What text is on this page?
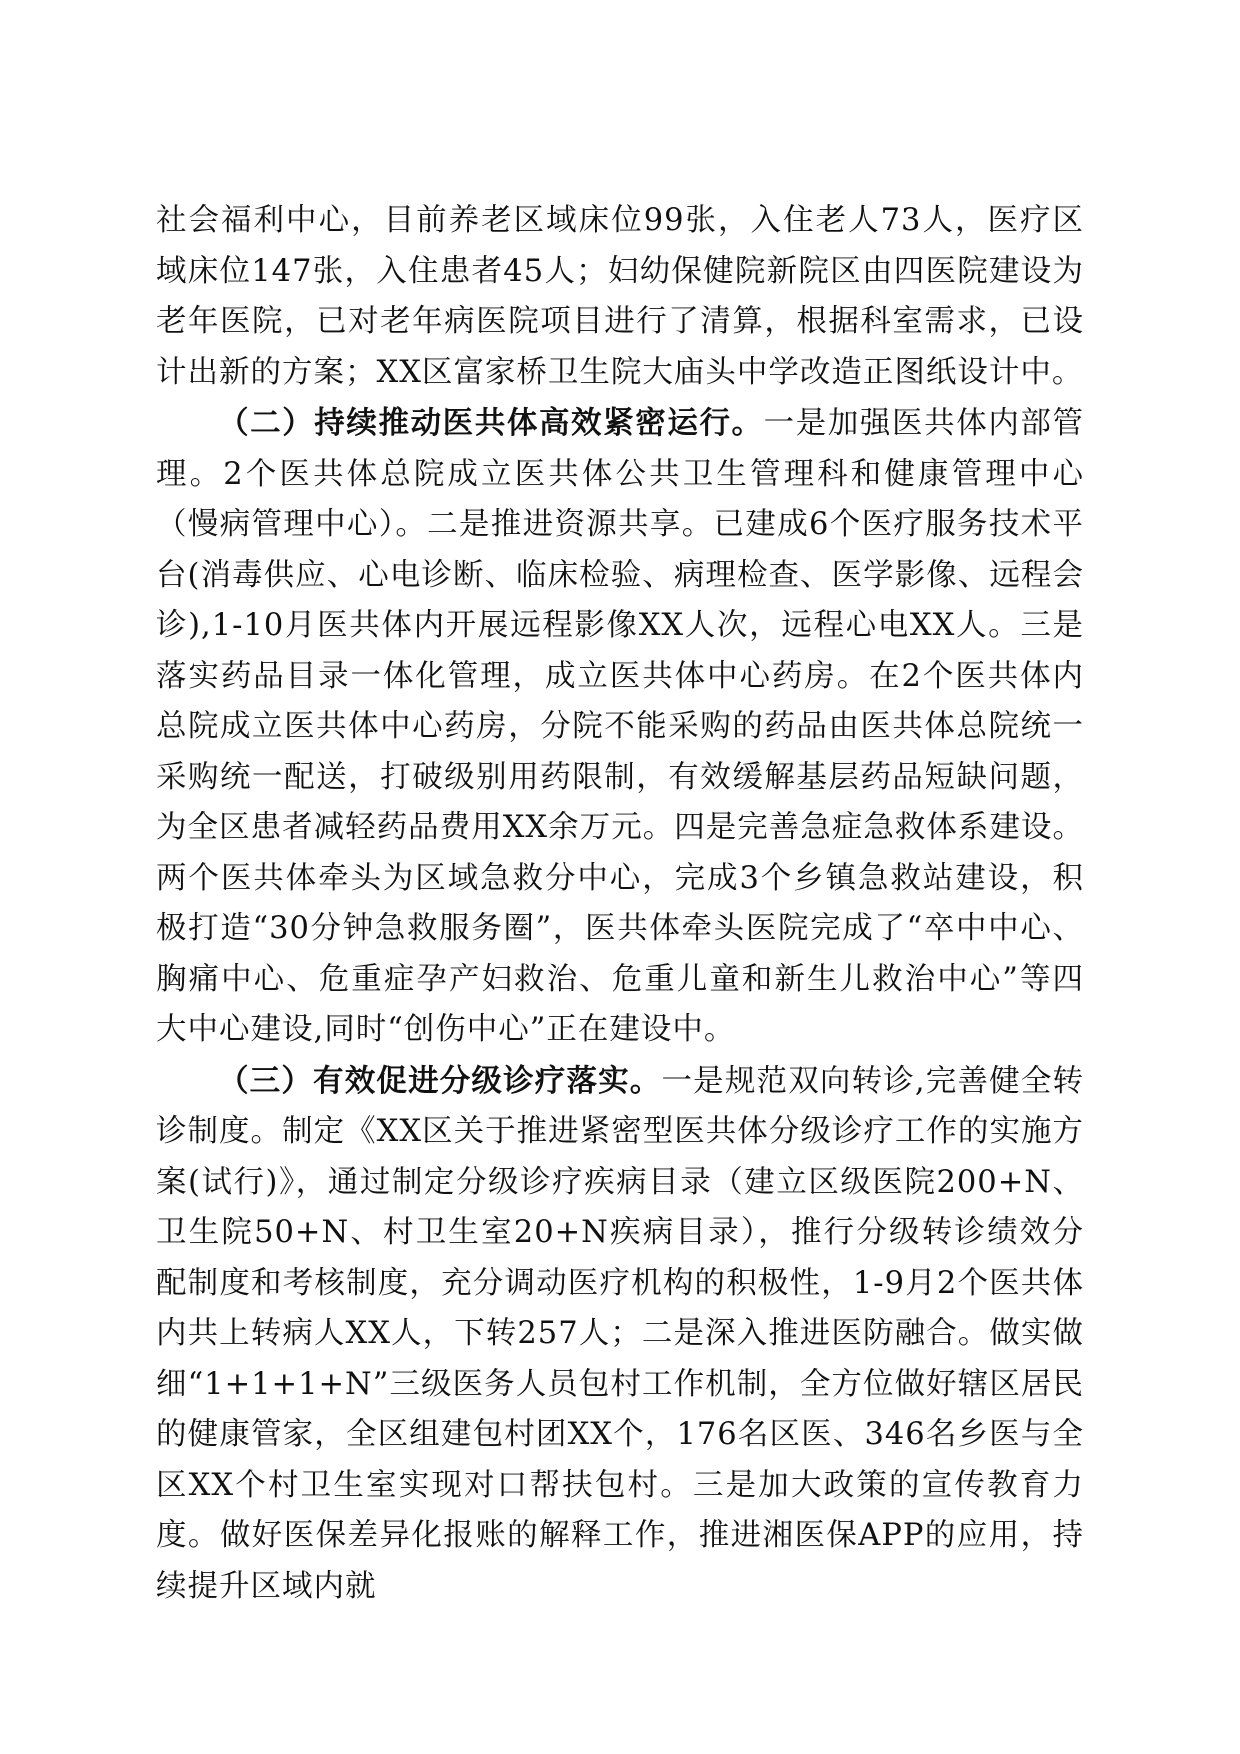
社会福利中心，目前养老区域床位99张，入住老人73人，医疗区域床位147张，入住患者45人；妇幼保健院新院区由四医院建设为老年医院，已对老年病医院项目进行了清算，根据科室需求，已设计出新的方案；XX区富家桥卫生院大庙头中学改造正图纸设计中。

（二）持续推动医共体高效紧密运行。一是加强医共体内部管理。2个医共体总院成立医共体公共卫生管理科和健康管理中心（慢病管理中心）。二是推进资源共享。已建成6个医疗服务技术平台(消毒供应、心电诊断、临床检验、病理检查、医学影像、远程会诊),1-10月医共体内开展远程影像XX人次，远程心电XX人。三是落实药品目录一体化管理，成立医共体中心药房。在2个医共体内总院成立医共体中心药房，分院不能采购的药品由医共体总院统一采购统一配送，打破级别用药限制，有效缓解基层药品短缺问题，为全区患者减轻药品费用XX余万元。四是完善急症急救体系建设。两个医共体牵头为区域急救分中心，完成3个乡镇急救站建设，积极打造“30分钟急救服务圈”，医共体牵头医院完成了“卒中中心、胸痛中心、危重症孕产妇救治、危重儿童和新生儿救治中心”等四大中心建设,同时“创伤中心”正在建设中。

（三）有效促进分级诊疗落实。一是规范双向转诊,完善健全转诊制度。制定《XX区关于推进紧密型医共体分级诊疗工作的实施方案(试行)》，通过制定分级诊疗疾病目录（建立区级医院200+N、卫生院50+N、村卫生室20+N疾病目录），推行分级转诊绩效分配制度和考核制度，充分调动医疗机构的积极性，1-9月2个医共体内共上转病人XX人，下转257人；二是深入推进医防融合。做实做细“1+1+1+N”三级医务人员包村工作机制，全方位做好辖区居民的健康管家，全区组建包村团XX个，176名区医、346名乡医与全区XX个村卫生室实现对口帮扶包村。三是加大政策的宣传教育力度。做好医保差异化报账的解释工作，推进湘医保APP的应用，持续提升区域内就
